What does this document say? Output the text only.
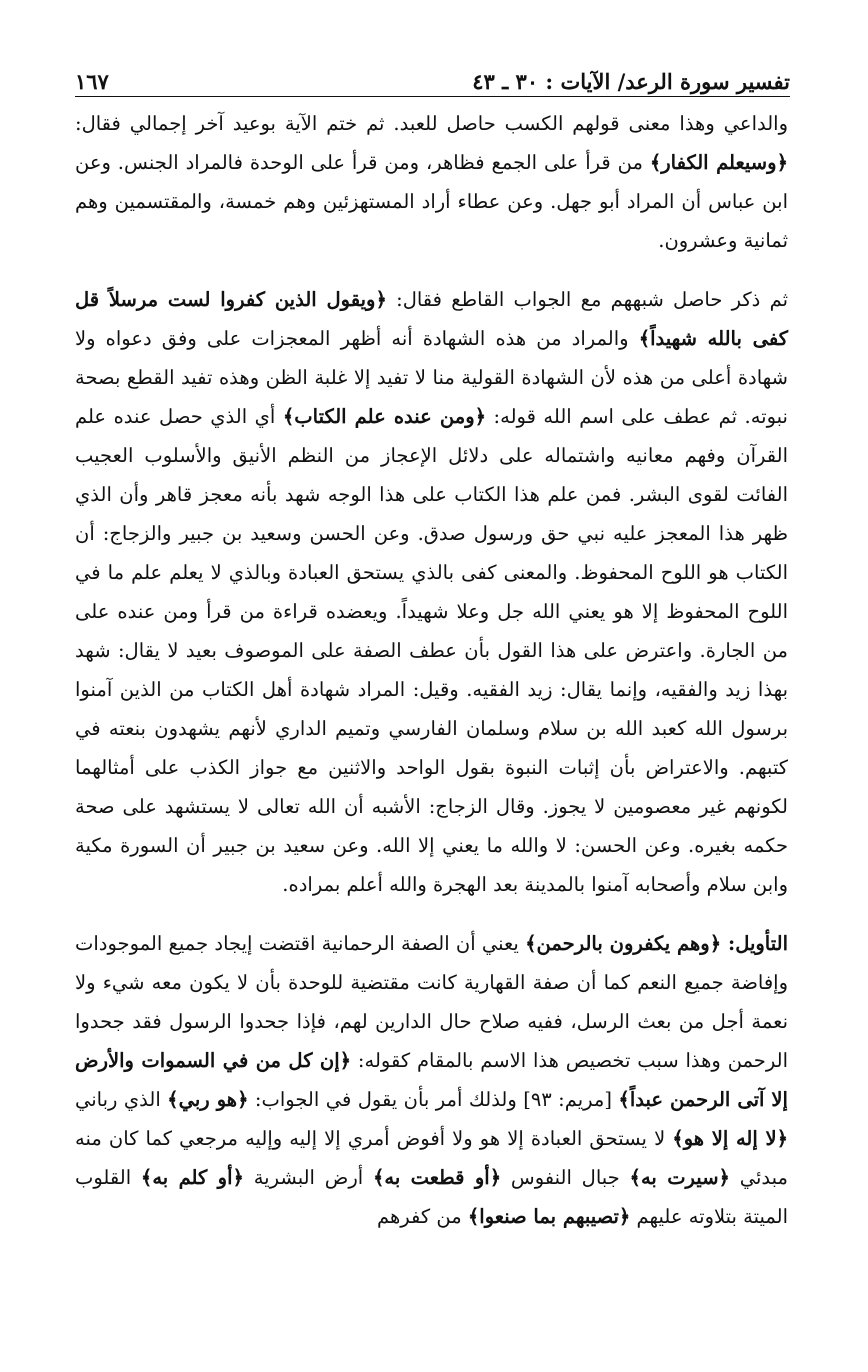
تفسير سورة الرعد/ الآيات : ٣٠ ـ ٤٣
١٦٧

والداعي وهذا معنى قولهم الكسب حاصل للعبد. ثم ختم الآية بوعيد آخر إجمالي فقال: ﴿وسيعلم الكفار﴾ من قرأ على الجمع فظاهر، ومن قرأ على الوحدة فالمراد الجنس. وعن ابن عباس أن المراد أبو جهل. وعن عطاء أراد المستهزئين وهم خمسة، والمقتسمين وهم ثمانية وعشرون.

ثم ذكر حاصل شبههم مع الجواب القاطع فقال: ﴿ويقول الذين كفروا لست مرسلاً قل كفى بالله شهيداً﴾ والمراد من هذه الشهادة أنه أظهر المعجزات على وفق دعواه ولا شهادة أعلى من هذه لأن الشهادة القولية منا لا تفيد إلا غلبة الظن وهذه تفيد القطع بصحة نبوته. ثم عطف على اسم الله قوله: ﴿ومن عنده علم الكتاب﴾ أي الذي حصل عنده علم القرآن وفهم معانيه واشتماله على دلائل الإعجاز من النظم الأنيق والأسلوب العجيب الفائت لقوى البشر. فمن علم هذا الكتاب على هذا الوجه شهد بأنه معجز قاهر وأن الذي ظهر هذا المعجز عليه نبي حق ورسول صدق. وعن الحسن وسعيد بن جبير والزجاج: أن الكتاب هو اللوح المحفوظ. والمعنى كفى بالذي يستحق العبادة وبالذي لا يعلم علم ما في اللوح المحفوظ إلا هو يعني الله جل وعلا شهيداً. ويعضده قراءة من قرأ ومن عنده على من الجارة. واعترض على هذا القول بأن عطف الصفة على الموصوف بعيد لا يقال: شهد بهذا زيد والفقيه، وإنما يقال: زيد الفقيه. وقيل: المراد شهادة أهل الكتاب من الذين آمنوا برسول الله كعبد الله بن سلام وسلمان الفارسي وتميم الداري لأنهم يشهدون بنعته في كتبهم. والاعتراض بأن إثبات النبوة بقول الواحد والاثنين مع جواز الكذب على أمثالهما لكونهم غير معصومين لا يجوز. وقال الزجاج: الأشبه أن الله تعالى لا يستشهد على صحة حكمه بغيره. وعن الحسن: لا والله ما يعني إلا الله. وعن سعيد بن جبير أن السورة مكية وابن سلام وأصحابه آمنوا بالمدينة بعد الهجرة والله أعلم بمراده.

التأويل: ﴿وهم يكفرون بالرحمن﴾ يعني أن الصفة الرحمانية اقتضت إيجاد جميع الموجودات وإفاضة جميع النعم كما أن صفة القهارية كانت مقتضية للوحدة بأن لا يكون معه شيء ولا نعمة أجل من بعث الرسل، ففيه صلاح حال الدارين لهم، فإذا جحدوا الرسول فقد جحدوا الرحمن وهذا سبب تخصيص هذا الاسم بالمقام كقوله: ﴿إن كل من في السموات والأرض إلا آتى الرحمن عبداً﴾ [مريم: ٩٣] ولذلك أمر بأن يقول في الجواب: ﴿هو ربي﴾ الذي رباني ﴿لا إله إلا هو﴾ لا يستحق العبادة إلا هو ولا أفوض أمري إلا إليه وإليه مرجعي كما كان منه مبدئي ﴿سيرت به﴾ جبال النفوس ﴿أو قطعت به﴾ أرض البشرية ﴿أو كلم به﴾ القلوب الميتة بتلاوته عليهم ﴿تصيبهم بما صنعوا﴾ من كفرهم
